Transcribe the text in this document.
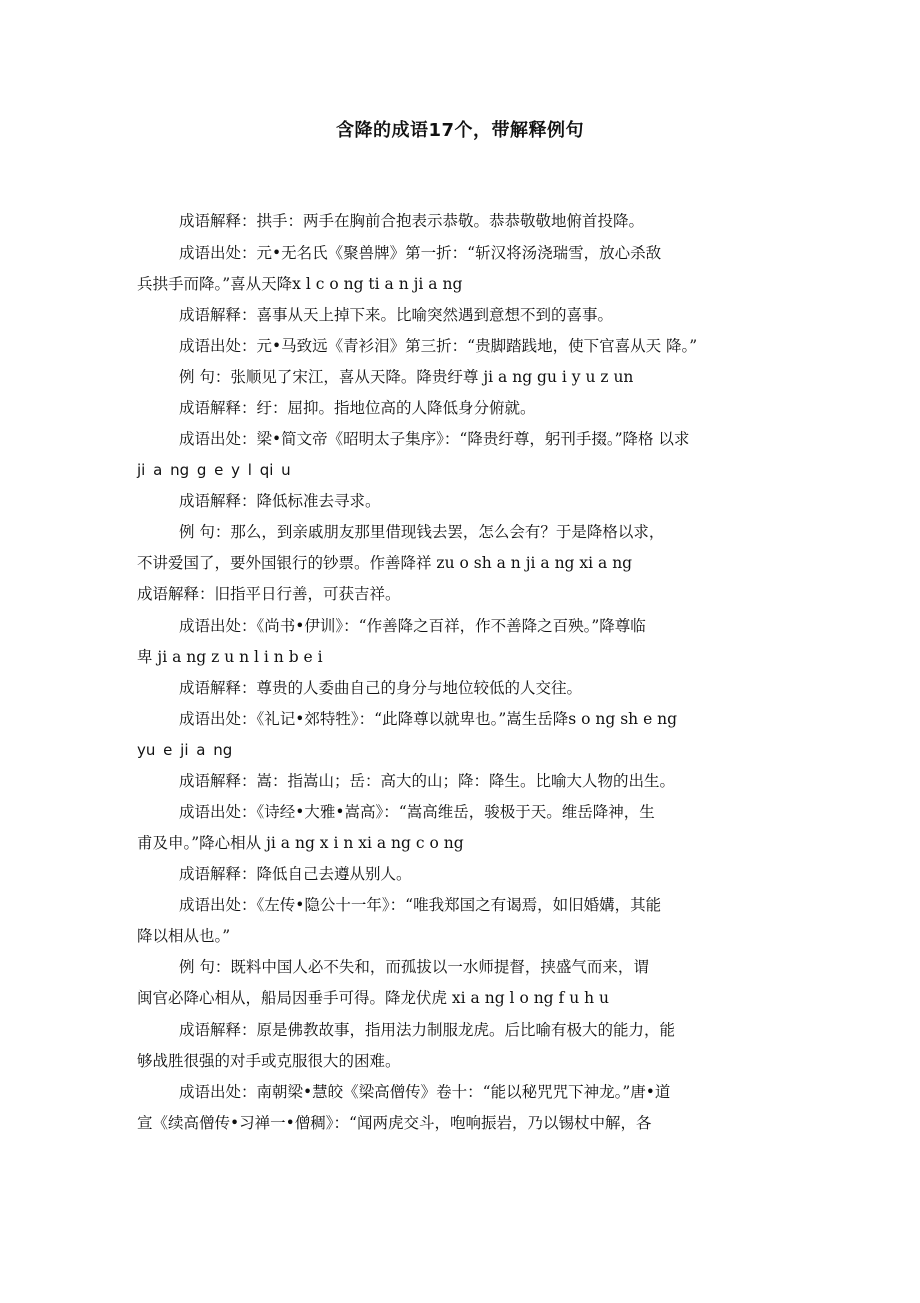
含降的成语17个，带解释例句
成语解释：拱手：两手在胸前合抱表示恭敬。恭恭敬敬地俯首投降。
成语出处：元•无名氏《聚兽牌》第一折：“斩汉将汤浇瑞雪，放心杀敌
兵拱手而降。”喜从天降x l c o ng ti a n ji a ng
成语解释：喜事从天上掉下来。比喻突然遇到意想不到的喜事。
成语出处：元•马致远《青衫泪》第三折：“贵脚踏践地，使下官喜从天 降。”
例 句：张顺见了宋江，喜从天降。降贵纡尊 ji a ng gu i y u z un
成语解释：纡：屈抑。指地位高的人降低身分俯就。
成语出处：梁•简文帝《昭明太子集序》：“降贵纡尊，躬刊手掇。”降格 以求
ji a ng g e y l qi u
成语解释：降低标准去寻求。
例 句：那么，到亲戚朋友那里借现钱去罢，怎么会有？于是降格以求，
不讲爱国了，要外国银行的钞票。作善降祥 zu o sh a n ji a ng xi a ng
成语解释：旧指平日行善，可获吉祥。
成语出处：《尚书•伊训》：“作善降之百祥，作不善降之百殃。”降尊临
卑 ji a ng z u n l i n b e i
成语解释：尊贵的人委曲自己的身分与地位较低的人交往。
成语出处：《礼记•郊特牲》：“此降尊以就卑也。”嵩生岳降s o ng sh e ng
yu e ji a ng
成语解释：嵩：指嵩山；岳：高大的山；降：降生。比喻大人物的出生。
成语出处：《诗经•大雅•嵩高》：“嵩高维岳，骏极于天。维岳降神，生
甫及申。”降心相从 ji a ng x i n xi a ng c o ng
成语解释：降低自己去遵从别人。
成语出处：《左传•隐公十一年》：“唯我郑国之有谒焉，如旧婚媾，其能
降以相从也。”
例 句：既料中国人必不失和，而孤拔以一水师提督，挟盛气而来，谓
闽官必降心相从，船局因垂手可得。降龙伏虎 xi a ng l o ng f u h u
成语解释：原是佛教故事，指用法力制服龙虎。后比喻有极大的能力，能
够战胜很强的对手或克服很大的困难。
成语出处：南朝梁•慧皎《梁高僧传》卷十：“能以秘咒咒下神龙。”唐•道
宣《续高僧传•习禅一•僧稠》：“闻两虎交斗，咆响振岩，乃以锡杖中解，各
